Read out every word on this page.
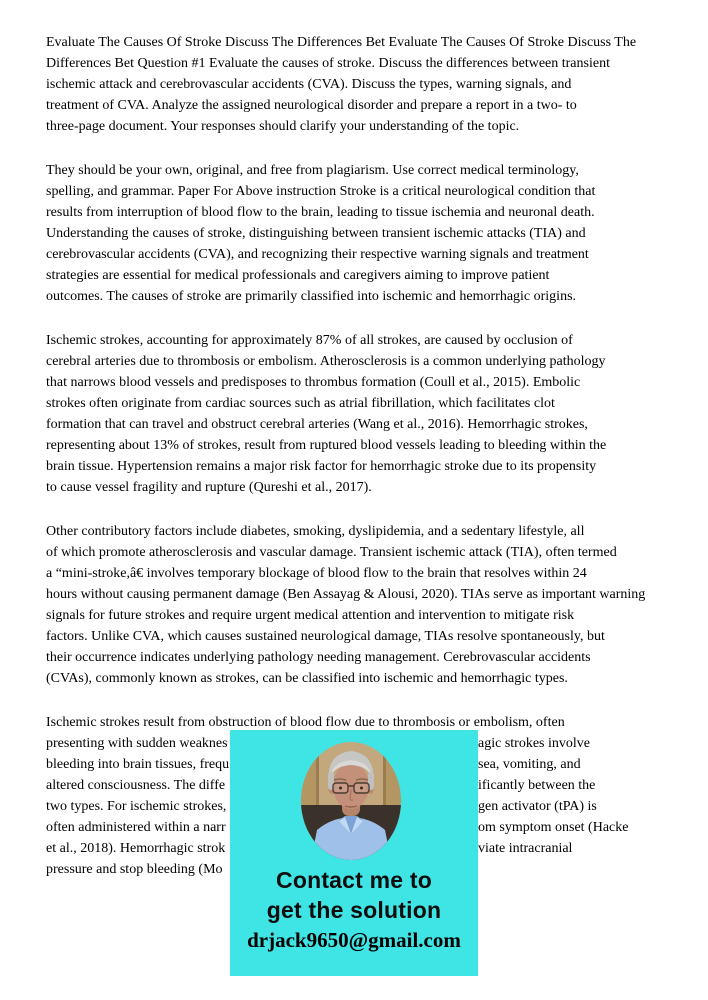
Evaluate The Causes Of Stroke Discuss The Differences Bet Evaluate The Causes Of Stroke Discuss The
Differences Bet Question #1 Evaluate the causes of stroke. Discuss the differences between transient
ischemic attack and cerebrovascular accidents (CVA). Discuss the types, warning signals, and
treatment of CVA. Analyze the assigned neurological disorder and prepare a report in a two- to
three-page document. Your responses should clarify your understanding of the topic.
They should be your own, original, and free from plagiarism. Use correct medical terminology,
spelling, and grammar. Paper For Above instruction Stroke is a critical neurological condition that
results from interruption of blood flow to the brain, leading to tissue ischemia and neuronal death.
Understanding the causes of stroke, distinguishing between transient ischemic attacks (TIA) and
cerebrovascular accidents (CVA), and recognizing their respective warning signals and treatment
strategies are essential for medical professionals and caregivers aiming to improve patient
outcomes. The causes of stroke are primarily classified into ischemic and hemorrhagic origins.
Ischemic strokes, accounting for approximately 87% of all strokes, are caused by occlusion of
cerebral arteries due to thrombosis or embolism. Atherosclerosis is a common underlying pathology
that narrows blood vessels and predisposes to thrombus formation (Coull et al., 2015). Embolic
strokes often originate from cardiac sources such as atrial fibrillation, which facilitates clot
formation that can travel and obstruct cerebral arteries (Wang et al., 2016). Hemorrhagic strokes,
representing about 13% of strokes, result from ruptured blood vessels leading to bleeding within the
brain tissue. Hypertension remains a major risk factor for hemorrhagic stroke due to its propensity
to cause vessel fragility and rupture (Qureshi et al., 2017).
Other contributory factors include diabetes, smoking, dyslipidemia, and a sedentary lifestyle, all
of which promote atherosclerosis and vascular damage. Transient ischemic attack (TIA), often termed
a “mini-stroke,â€ involves temporary blockage of blood flow to the brain that resolves within 24
hours without causing permanent damage (Ben Assayag & Alousi, 2020). TIAs serve as important warning
signals for future strokes and require urgent medical attention and intervention to mitigate risk
factors. Unlike CVA, which causes sustained neurological damage, TIAs resolve spontaneously, but
their occurrence indicates underlying pathology needing management. Cerebrovascular accidents
(CVAs), commonly known as strokes, can be classified into ischemic and hemorrhagic types.
Ischemic strokes result from obstruction of blood flow due to thrombosis or embolism, often
presenting with sudden weaknes	agic strokes involve
bleeding into brain tissues, frequ	sea, vomiting, and
altered consciousness. The diffe	ificantly between the
two types. For ischemic strokes,	gen activator (tPA) is
often administered within a narr	om symptom onset (Hacke
et al., 2018). Hemorrhagic strok	viate intracranial
pressure and stop bleeding (Mo	Contact me to
get the solution
drjack9650@gmail.com
